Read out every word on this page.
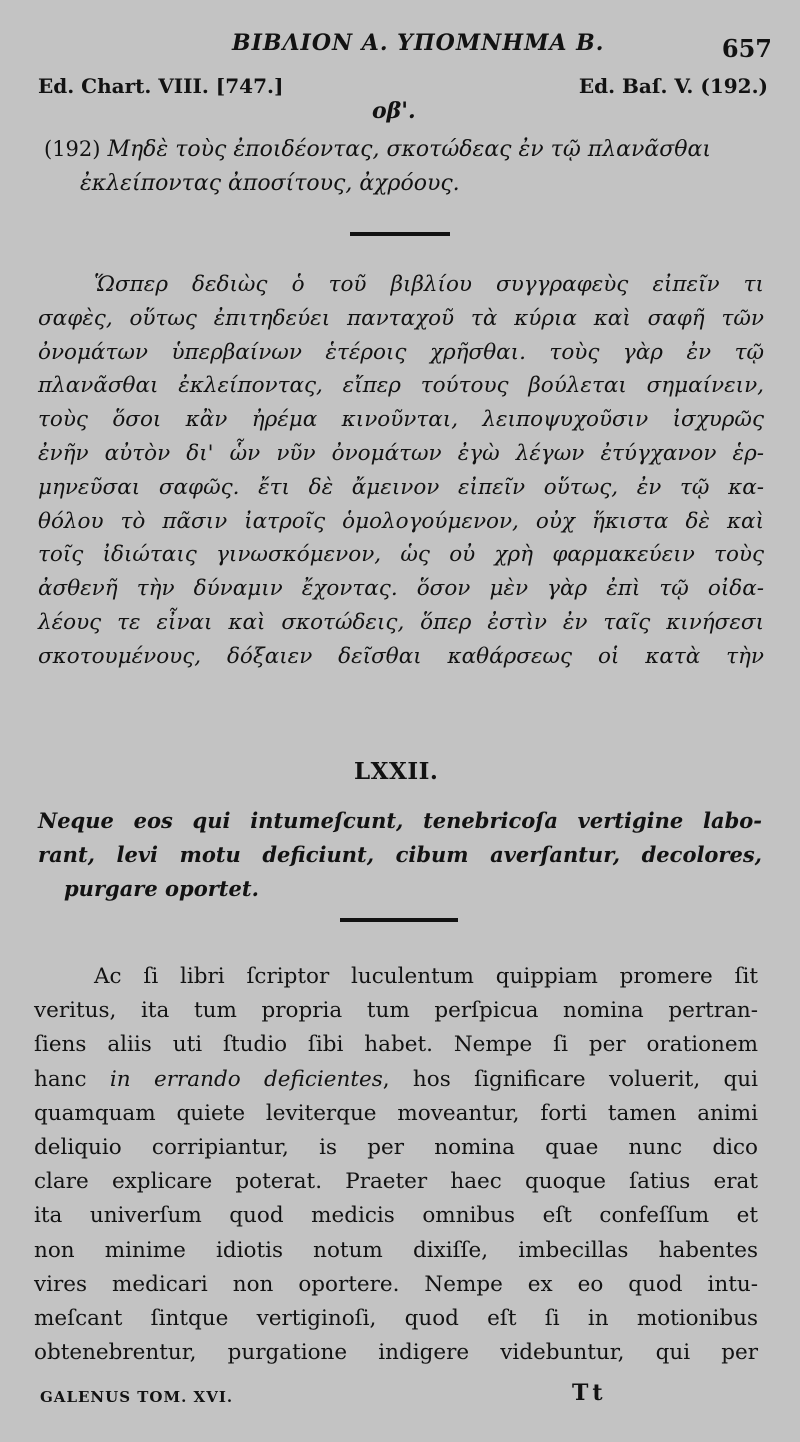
ΒΙΒΛΙΟΝ Α. ΥΠΟΜΝΗΜΑ Β.	657
Ed. Chart. VIII. [747.]	Ed. Baſ. V. (192.)
οβ'.
(192) Μηδὲ τοὺς ἐποιδέοντας, σκοτώδεας ἐν τῷ πλανᾶσθαι
ἐκλείποντας ἀποσίτους, ἀχρόους.
Ὥσπερ δεδιὼς ὁ τοῦ βιβλίου συγγραφεὺς εἰπεῖν τι
σαφὲς, οὕτως ἐπιτηδεύει πανταχοῦ τὰ κύρια καὶ σαφῆ τῶν
ὀνομάτων ὑπερβαίνων ἑτέροις χρῆσθαι. τοὺς γὰρ ἐν τῷ
πλανᾶσθαι ἐκλείποντας, εἴπερ τούτους βούλεται σημαίνειν,
τοὺς ὅσοι κἂν ἠρέμα κινοῦνται, λειποψυχοῦσιν ἰσχυρῶς
ἐνῆν αὐτὸν δι' ὧν νῦν ὀνομάτων ἐγὼ λέγων ἐτύγχανον ἑρ-
μηνεῦσαι σαφῶς. ἔτι δὲ ἄμεινον εἰπεῖν οὕτως, ἐν τῷ κα-
θόλου τὸ πᾶσιν ἰατροῖς ὁμολογούμενον, οὐχ ἥκιστα δὲ καὶ
τοῖς ἰδιώταις γινωσκόμενον, ὡς οὐ χρὴ φαρμακεύειν τοὺς
ἀσθενῆ τὴν δύναμιν ἔχοντας. ὅσον μὲν γὰρ ἐπὶ τῷ οἰδα-
λέους τε εἶναι καὶ σκοτώδεις, ὅπερ ἐστὶν ἐν ταῖς κινήσεσι
σκοτουμένους, δόξαιεν δεῖσθαι καθάρσεως οἱ κατὰ τὴν
LXXII.
Neque eos qui intumeſcunt, tenebricoſa vertigine labo-
rant, levi motu deficiunt, cibum averſantur, decolores,
purgare oportet.
Ac ſi libri ſcriptor luculentum quippiam promere ſit
veritus, ita tum propria tum perſpicua nomina pertran-
ſiens aliis uti ſtudio ſibi habet. Nempe ſi per orationem
hanc in errando deficientes, hos ſignificare voluerit, qui
quamquam quiete leviterque moveantur, forti tamen animi
deliquio corripiantur, is per nomina quae nunc dico
clare explicare poterat. Praeter haec quoque ſatius erat
ita univerſum quod medicis omnibus eſt confeſſum et
non minime idiotis notum dixiſſe, imbecillas habentes
vires medicari non oportere. Nempe ex eo quod intu-
meſcant ſintque vertiginoſi, quod eſt ſi in motionibus
obtenebrentur, purgatione indigere videbuntur, qui per
GALENUS TOM. XVI.	Tt
